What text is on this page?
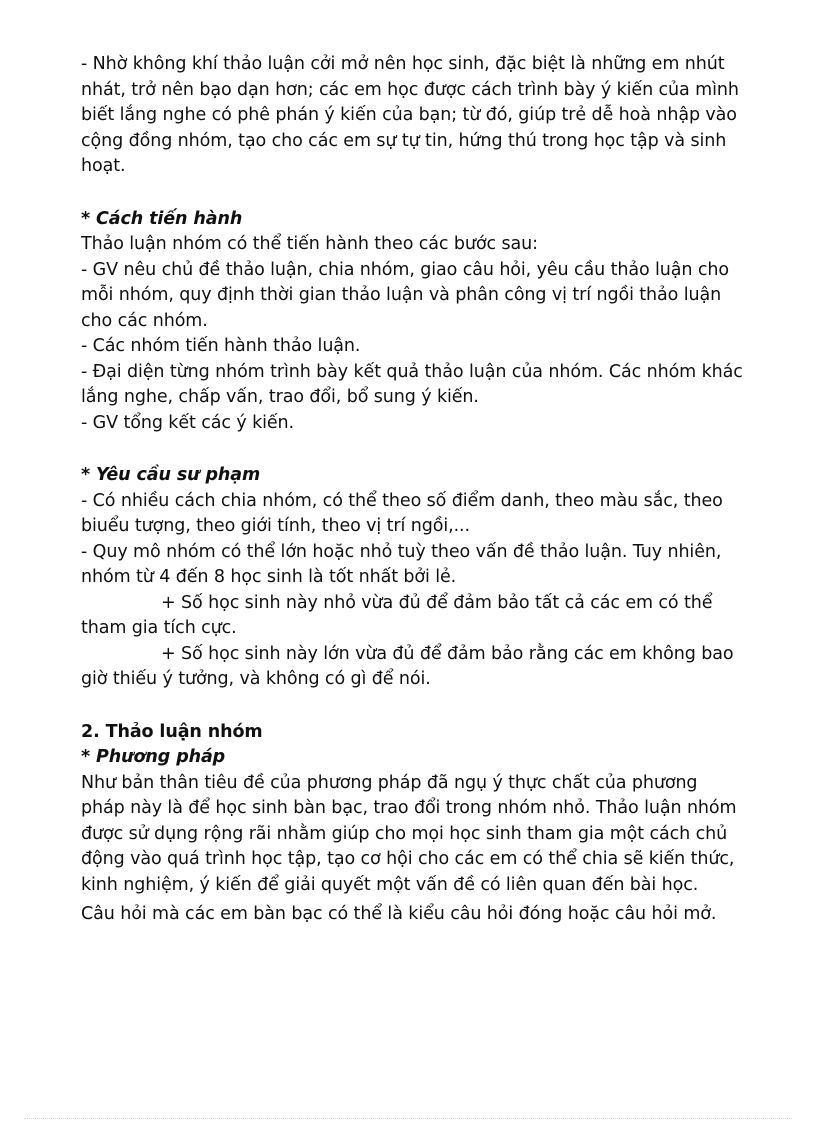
- Nhờ không khí thảo luận cởi mở nên học sinh, đặc biệt là những em nhút nhát, trở nên bạo dạn hơn; các em học được cách trình bày ý kiến của mình biết lắng nghe có phê phán ý kiến của bạn; từ đó, giúp trẻ dễ hoà nhập vào cộng đồng nhóm, tạo cho các em sự tự tin, hứng thú trong học tập và sinh hoạt.

* Cách tiến hành

Thảo luận nhóm có thể tiến hành theo các bước sau:

- GV nêu chủ đề thảo luận, chia nhóm, giao câu hỏi, yêu cầu thảo luận cho mỗi nhóm, quy định thời gian thảo luận và phân công vị trí ngồi thảo luận cho các nhóm.

- Các nhóm tiến hành thảo luận.

- Đại diện từng nhóm trình bày kết quả thảo luận của nhóm. Các nhóm khác lắng nghe, chấp vấn, trao đổi, bổ sung ý kiến.

- GV tổng kết các ý kiến.

* Yêu cầu sư phạm

- Có nhiều cách chia nhóm, có thể theo số điểm danh, theo màu sắc, theo biuểu tượng, theo giới tính, theo vị trí ngồi,...

- Quy mô nhóm có thể lớn hoặc nhỏ tuỳ theo vấn đề thảo luận. Tuy nhiên, nhóm từ 4 đến 8 học sinh là tốt nhất bởi lẻ.

+ Số học sinh này nhỏ vừa đủ để đảm bảo tất cả các em có thể tham gia tích cực.

+ Số học sinh này lớn vừa đủ để đảm bảo rằng các em không bao giờ thiếu ý tưởng, và không có gì để nói.

2. Thảo luận nhóm

* Phương pháp

Như bản thân tiêu đề của phương pháp đã ngụ ý thực chất của phương pháp này là để học sinh bàn bạc, trao đổi trong nhóm nhỏ. Thảo luận nhóm được sử dụng rộng rãi nhằm giúp cho mọi học sinh tham gia một cách chủ động vào quá trình học tập, tạo cơ hội cho các em có thể chia sẽ kiến thức, kinh nghiệm, ý kiến để giải quyết một vấn đề có liên quan đến bài học.

Câu hỏi mà các em bàn bạc có thể là kiểu câu hỏi đóng hoặc câu hỏi mở.
